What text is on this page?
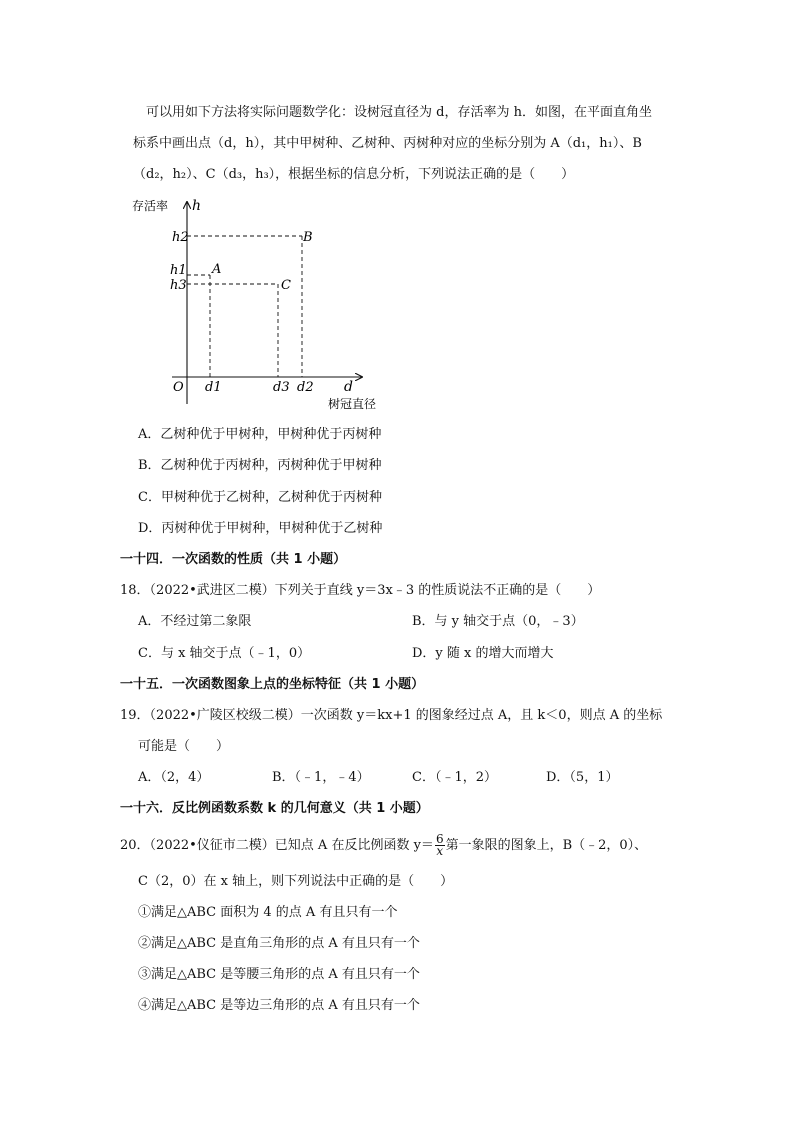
可以用如下方法将实际问题数学化：设树冠直径为 d，存活率为 h．如图，在平面直角坐
标系中画出点（d，h），其中甲树种、乙树种、丙树种对应的坐标分别为 A（d₁，h₁）、B
（d₂，h₂）、C（d₃，h₃），根据坐标的信息分析，下列说法正确的是（　　）
存活率 h
h2
h1
h3
A
B
C
O d1	d3 d2 d
树冠直径
A．乙树种优于甲树种，甲树种优于丙树种
B．乙树种优于丙树种，丙树种优于甲树种
C．甲树种优于乙树种，乙树种优于丙树种
D．丙树种优于甲树种，甲树种优于乙树种
一十四．一次函数的性质（共 1 小题）
18．（2022•武进区二模）下列关于直线 y＝3x﹣3 的性质说法不正确的是（　　）
A．不经过第二象限	B．与 y 轴交于点（0，﹣3）
C．与 x 轴交于点（﹣1，0）	D．y 随 x 的增大而增大
一十五．一次函数图象上点的坐标特征（共 1 小题）
19．（2022•广陵区校级二模）一次函数 y＝kx+1 的图象经过点 A，且 k＜0，则点 A 的坐标
可能是（　　）
A．（2，4）	B．（﹣1，﹣4）	C．（﹣1，2）	D．（5，1）
一十六．反比例函数系数 k 的几何意义（共 1 小题）
20．（2022•仪征市二模）已知点 A 在反比例函数 $y= \frac{6}{x}$ 第一象限的图象上，B（﹣2，0）、
C（2，0）在 x 轴上，则下列说法中正确的是（　　）
①满足△ABC 面积为 4 的点 A 有且只有一个
②满足△ABC 是直角三角形的点 A 有且只有一个
③满足△ABC 是等腰三角形的点 A 有且只有一个
④满足△ABC 是等边三角形的点 A 有且只有一个
